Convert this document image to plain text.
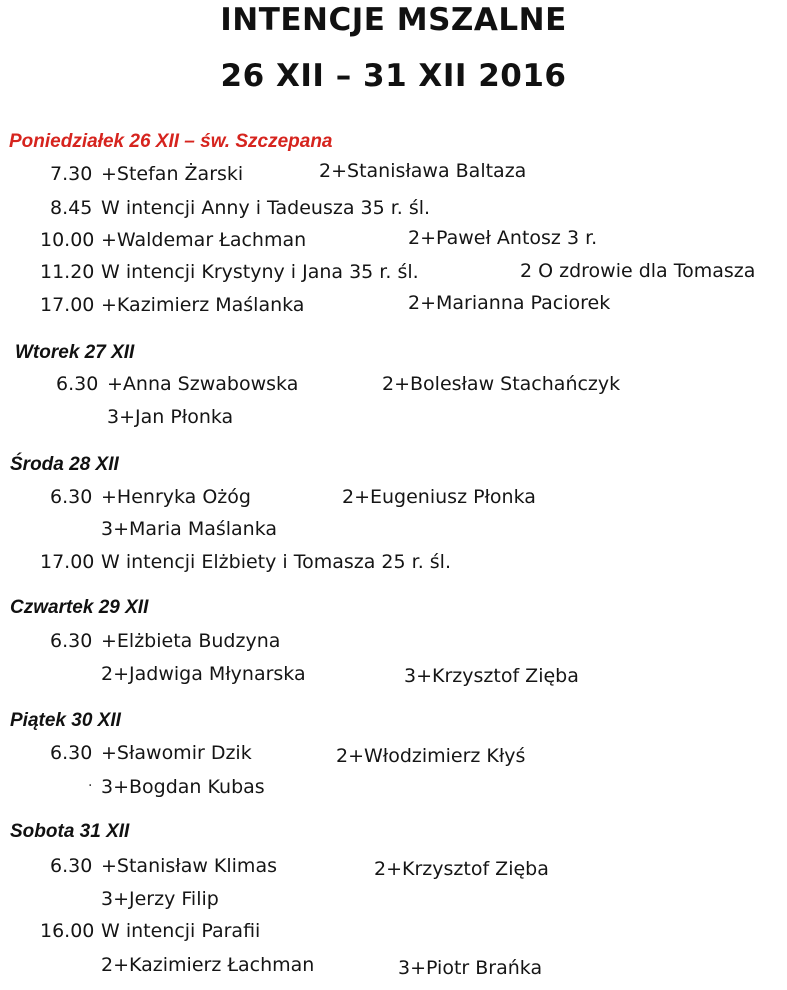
INTENCJE MSZALNE
26 XII – 31 XII 2016
Poniedziałek 26 XII – św. Szczepana
7.30 +Stefan Żarski	2+Stanisława Baltaza
8.45 W intencji Anny i Tadeusza 35 r. śl.
10.00 +Waldemar Łachman	2+Paweł Antosz 3 r.
11.20 W intencji Krystyny i Jana 35 r. śl.	2 O zdrowie dla Tomasza
17.00 +Kazimierz Maślanka	2+Marianna Paciorek
Wtorek 27 XII
6.30 +Anna Szwabowska	2+Bolesław Stachańczyk
3+Jan Płonka
Środa 28 XII
6.30 +Henryka Ożóg	2+Eugeniusz Płonka
3+Maria Maślanka
17.00 W intencji Elżbiety i Tomasza 25 r. śl.
Czwartek 29 XII
6.30 +Elżbieta Budzyna
2+Jadwiga Młynarska	3+Krzysztof Zięba
Piątek 30 XII
6.30 +Sławomir Dzik	2+Włodzimierz Kłyś
· 3+Bogdan Kubas
Sobota 31 XII
6.30 +Stanisław Klimas	2+Krzysztof Zięba
3+Jerzy Filip
16.00 W intencji Parafii
2+Kazimierz Łachman	3+Piotr Brańka
